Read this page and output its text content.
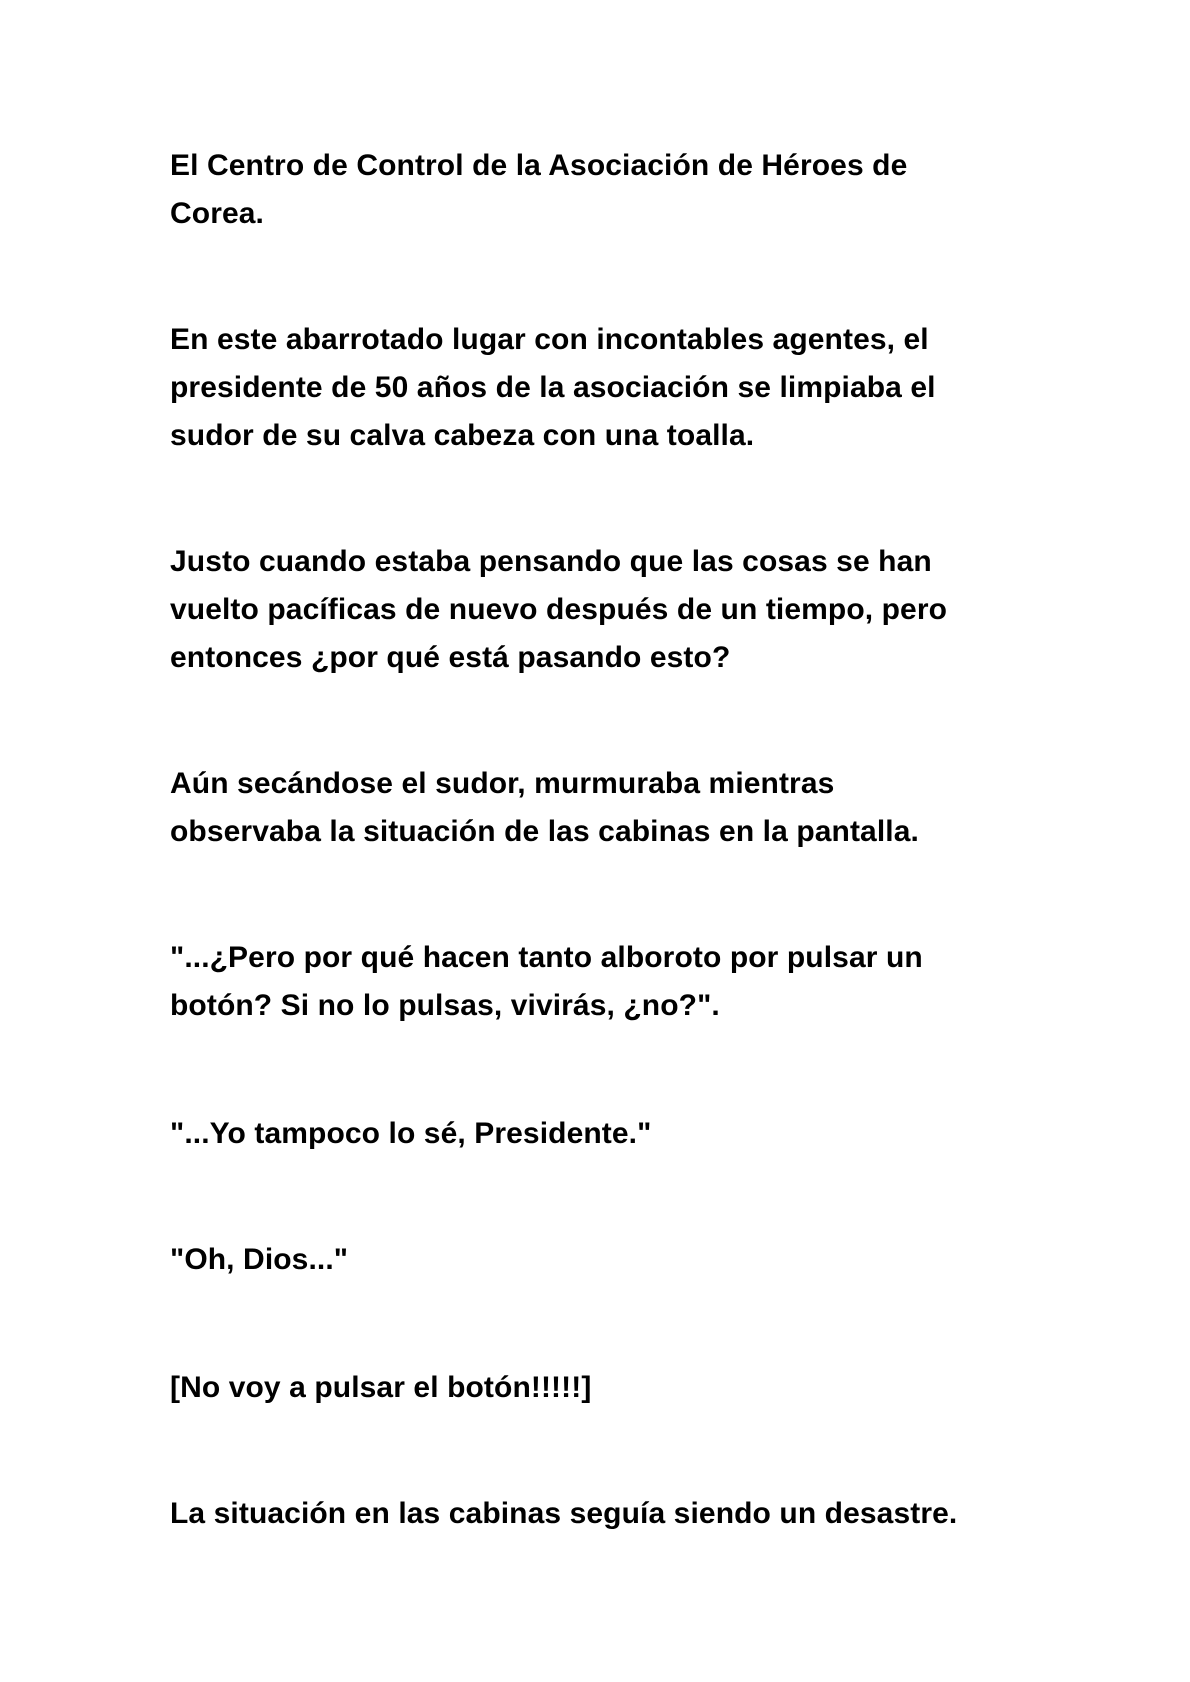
El Centro de Control de la Asociación de Héroes de
Corea.

En este abarrotado lugar con incontables agentes, el
presidente de 50 años de la asociación se limpiaba el
sudor de su calva cabeza con una toalla.

Justo cuando estaba pensando que las cosas se han
vuelto pacíficas de nuevo después de un tiempo, pero
entonces ¿por qué está pasando esto?

Aún secándose el sudor, murmuraba mientras
observaba la situación de las cabinas en la pantalla.

"...¿Pero por qué hacen tanto alboroto por pulsar un
botón? Si no lo pulsas, vivirás, ¿no?".

"...Yo tampoco lo sé, Presidente."

"Oh, Dios..."

[No voy a pulsar el botón!!!!!]

La situación en las cabinas seguía siendo un desastre.
